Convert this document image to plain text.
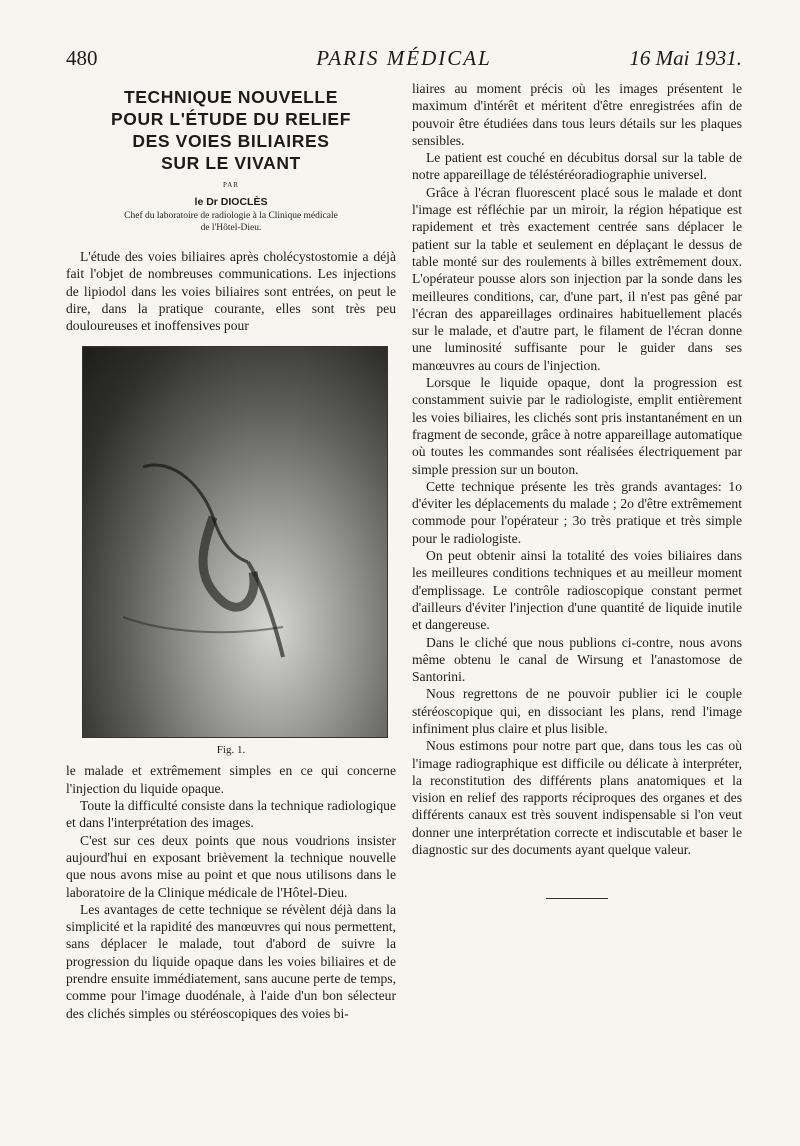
480	PARIS MÉDICAL	16 Mai 1931.
TECHNIQUE NOUVELLE
POUR L'ÉTUDE DU RELIEF
DES VOIES BILIAIRES
SUR LE VIVANT
PAR
le Dr DIOCLÈS
Chef du laboratoire de radiologie à la Clinique médicale
de l'Hôtel-Dieu.

L'étude des voies biliaires après cholécystostomie a déjà fait l'objet de nombreuses communications. Les injections de lipiodol dans les voies biliaires sont entrées, on peut le dire, dans la pratique courante, elles sont très peu douloureuses et inoffensives pour

Fig. 1.

le malade et extrêmement simples en ce qui concerne l'injection du liquide opaque.

Toute la difficulté consiste dans la technique radiologique et dans l'interprétation des images.

C'est sur ces deux points que nous voudrions insister aujourd'hui en exposant brièvement la technique nouvelle que nous avons mise au point et que nous utilisons dans le laboratoire de la Clinique médicale de l'Hôtel-Dieu.

Les avantages de cette technique se révèlent déjà dans la simplicité et la rapidité des manœuvres qui nous permettent, sans déplacer le malade, tout d'abord de suivre la progression du liquide opaque dans les voies biliaires et de prendre ensuite immédiatement, sans aucune perte de temps, comme pour l'image duodénale, à l'aide d'un bon sélecteur des clichés simples ou stéréoscopiques des voies bi-

liaires au moment précis où les images présentent le maximum d'intérêt et méritent d'être enregistrées afin de pouvoir être étudiées dans tous leurs détails sur les plaques sensibles.

Le patient est couché en décubitus dorsal sur la table de notre appareillage de téléstéréoradiographie universel.

Grâce à l'écran fluorescent placé sous le malade et dont l'image est réfléchie par un miroir, la région hépatique est rapidement et très exactement centrée sans déplacer le patient sur la table et seulement en déplaçant le dessus de table monté sur des roulements à billes extrêmement doux. L'opérateur pousse alors son injection par la sonde dans les meilleures conditions, car, d'une part, il n'est pas gêné par l'écran des appareillages ordinaires habituellement placés sur le malade, et d'autre part, le filament de l'écran donne une luminosité suffisante pour le guider dans ses manœuvres au cours de l'injection.

Lorsque le liquide opaque, dont la progression est constamment suivie par le radiologiste, emplit entièrement les voies biliaires, les clichés sont pris instantanément en un fragment de seconde, grâce à notre appareillage automatique où toutes les commandes sont réalisées électriquement par simple pression sur un bouton.

Cette technique présente les très grands avantages: 1o d'éviter les déplacements du malade ; 2o d'être extrêmement commode pour l'opérateur ; 3o très pratique et très simple pour le radiologiste.

On peut obtenir ainsi la totalité des voies biliaires dans les meilleures conditions techniques et au meilleur moment d'emplissage. Le contrôle radioscopique constant permet d'ailleurs d'éviter l'injection d'une quantité de liquide inutile et dangereuse.

Dans le cliché que nous publions ci-contre, nous avons même obtenu le canal de Wirsung et l'anastomose de Santorini.

Nous regrettons de ne pouvoir publier ici le couple stéréoscopique qui, en dissociant les plans, rend l'image infiniment plus claire et plus lisible.

Nous estimons pour notre part que, dans tous les cas où l'image radiographique est difficile ou délicate à interpréter, la reconstitution des différents plans anatomiques et la vision en relief des rapports réciproques des organes et des différents canaux est très souvent indispensable si l'on veut donner une interprétation correcte et indiscutable et baser le diagnostic sur des documents ayant quelque valeur.
